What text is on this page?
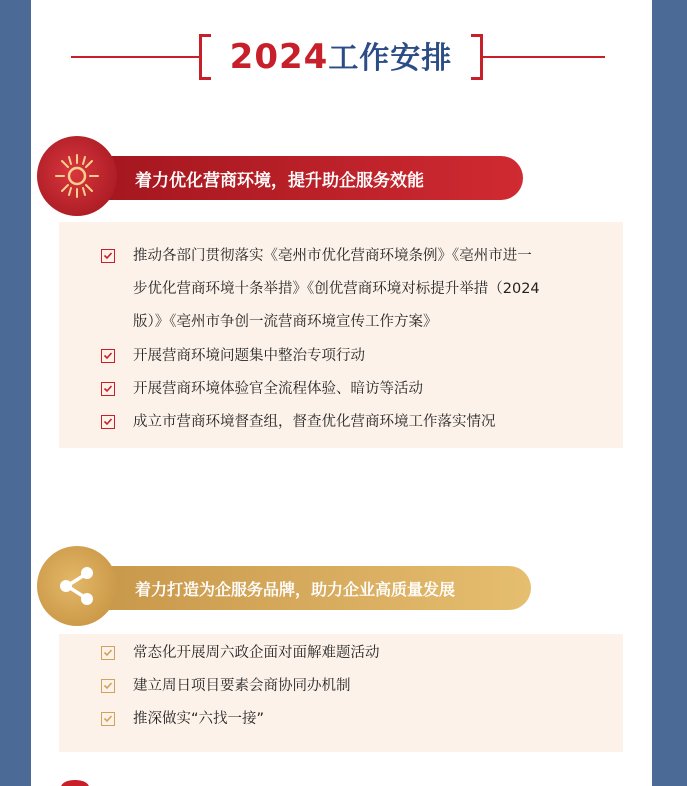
2024工作安排
着力优化营商环境，提升助企服务效能
推动各部门贯彻落实《亳州市优化营商环境条例》《亳州市进一
步优化营商环境十条举措》《创优营商环境对标提升举措（2024
版）》《亳州市争创一流营商环境宣传工作方案》
开展营商环境问题集中整治专项行动
开展营商环境体验官全流程体验、暗访等活动
成立市营商环境督查组，督查优化营商环境工作落实情况
着力打造为企服务品牌，助力企业高质量发展
常态化开展周六政企面对面解难题活动
建立周日项目要素会商协同办机制
推深做实“六找一接”
